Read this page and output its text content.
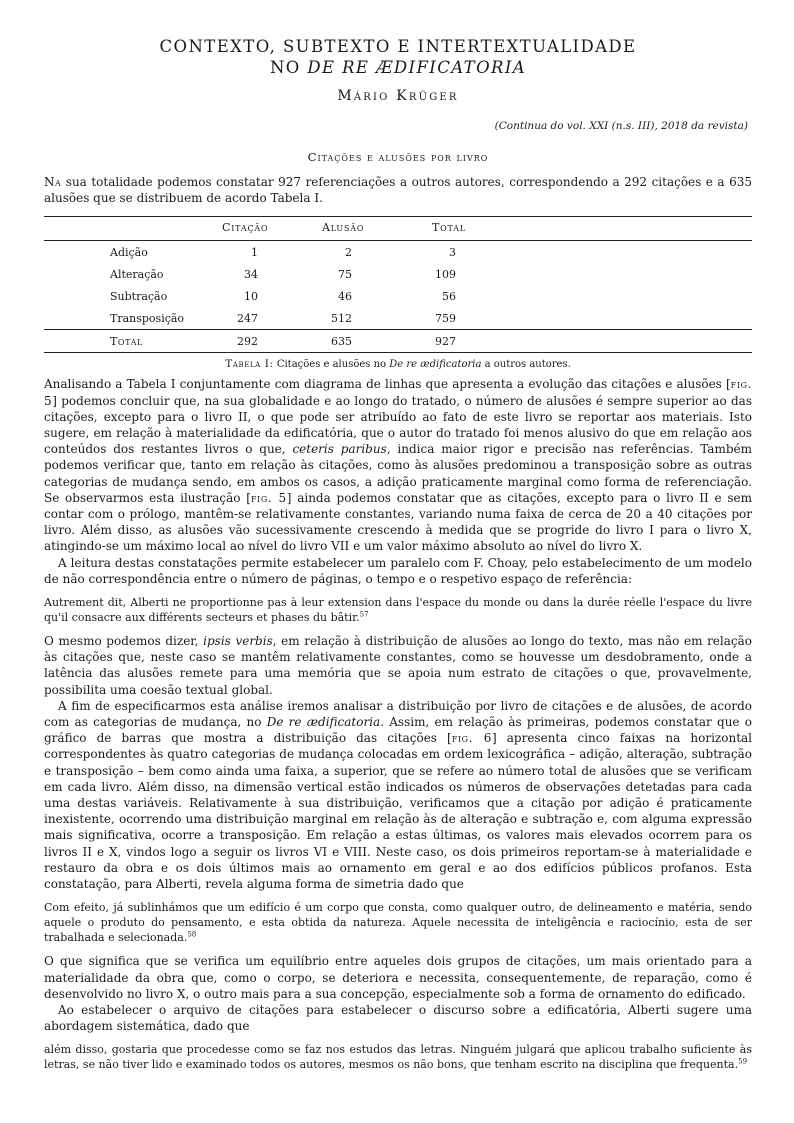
CONTEXTO, SUBTEXTO E INTERTEXTUALIDADE
NO DE RE ÆDIFICATORIA
Mário Krüger
(Continua do vol. XXI (n.s. III), 2018 da revista)
Citações e alusões por livro

Na sua totalidade podemos constatar 927 referenciações a outros autores, correspondendo a 292 citações e a 635 alusões que se distribuem de acordo Tabela I.

	Citação	Alusão	Total
Adição	1	2	3
Alteração	34	75	109
Subtração	10	46	56
Transposição	247	512	759
Total	292	635	927
Tabela I: Citações e alusões no De re ædificatoria a outros autores.

Analisando a Tabela I conjuntamente com diagrama de linhas que apresenta a evolução das citações e alusões [fig. 5] podemos concluir que, na sua globalidade e ao longo do tratado, o número de alusões é sempre superior ao das citações, excepto para o livro II, o que pode ser atribuído ao fato de este livro se reportar aos materiais. Isto sugere, em relação à materialidade da edificatória, que o autor do tratado foi menos alusivo do que em relação aos conteúdos dos restantes livros o que, ceteris paribus, indica maior rigor e precisão nas referências. Também podemos verificar que, tanto em relação às citações, como às alusões predominou a transposição sobre as outras categorias de mudança sendo, em ambos os casos, a adição praticamente marginal como forma de referenciação. Se observarmos esta ilustração [fig. 5] ainda podemos constatar que as citações, excepto para o livro II e sem contar com o prólogo, mantêm-se relativamente constantes, variando numa faixa de cerca de 20 a 40 citações por livro. Além disso, as alusões vão sucessivamente crescendo à medida que se progride do livro I para o livro X, atingindo-se um máximo local ao nível do livro VII e um valor máximo absoluto ao nível do livro X.

A leitura destas constatações permite estabelecer um paralelo com F. Choay, pelo estabelecimento de um modelo de não correspondência entre o número de páginas, o tempo e o respetivo espaço de referência:

Autrement dit, Alberti ne proportionne pas à leur extension dans l'espace du monde ou dans la durée réelle l'espace du livre qu'il consacre aux différents secteurs et phases du bâtir.$^{57}$

O mesmo podemos dizer, ipsis verbis, em relação à distribuição de alusões ao longo do texto, mas não em relação às citações que, neste caso se mantêm relativamente constantes, como se houvesse um desdobramento, onde a latência das alusões remete para uma memória que se apoia num estrato de citações o que, provavelmente, possibilita uma coesão textual global.

A fim de especificarmos esta análise iremos analisar a distribuição por livro de citações e de alusões, de acordo com as categorias de mudança, no De re ædificatoria. Assim, em relação às primeiras, podemos constatar que o gráfico de barras que mostra a distribuição das citações [fig. 6] apresenta cinco faixas na horizontal correspondentes às quatro categorias de mudança colocadas em ordem lexicográfica – adição, alteração, subtração e transposição – bem como ainda uma faixa, a superior, que se refere ao número total de alusões que se verificam em cada livro. Além disso, na dimensão vertical estão indicados os números de observações detetadas para cada uma destas variáveis. Relativamente à sua distribuição, verificamos que a citação por adição é praticamente inexistente, ocorrendo uma distribuição marginal em relação às de alteração e subtração e, com alguma expressão mais significativa, ocorre a transposição. Em relação a estas últimas, os valores mais elevados ocorrem para os livros II e X, vindos logo a seguir os livros VI e VIII. Neste caso, os dois primeiros reportam-se à materialidade e restauro da obra e os dois últimos mais ao ornamento em geral e ao dos edifícios públicos profanos. Esta constatação, para Alberti, revela alguma forma de simetria dado que

Com efeito, já sublinhámos que um edifício é um corpo que consta, como qualquer outro, de delineamento e matéria, sendo aquele o produto do pensamento, e esta obtida da natureza. Aquele necessita de inteligência e raciocínio, esta de ser trabalhada e selecionada.$^{58}$

O que significa que se verifica um equilíbrio entre aqueles dois grupos de citações, um mais orientado para a materialidade da obra que, como o corpo, se deteriora e necessita, consequentemente, de reparação, como é desenvolvido no livro X, o outro mais para a sua concepção, especialmente sob a forma de ornamento do edificado.

Ao estabelecer o arquivo de citações para estabelecer o discurso sobre a edificatória, Alberti sugere uma abordagem sistemática, dado que

além disso, gostaria que procedesse como se faz nos estudos das letras. Ninguém julgará que aplicou trabalho suficiente às letras, se não tiver lido e examinado todos os autores, mesmos os não bons, que tenham escrito na disciplina que frequenta.$^{59}$
